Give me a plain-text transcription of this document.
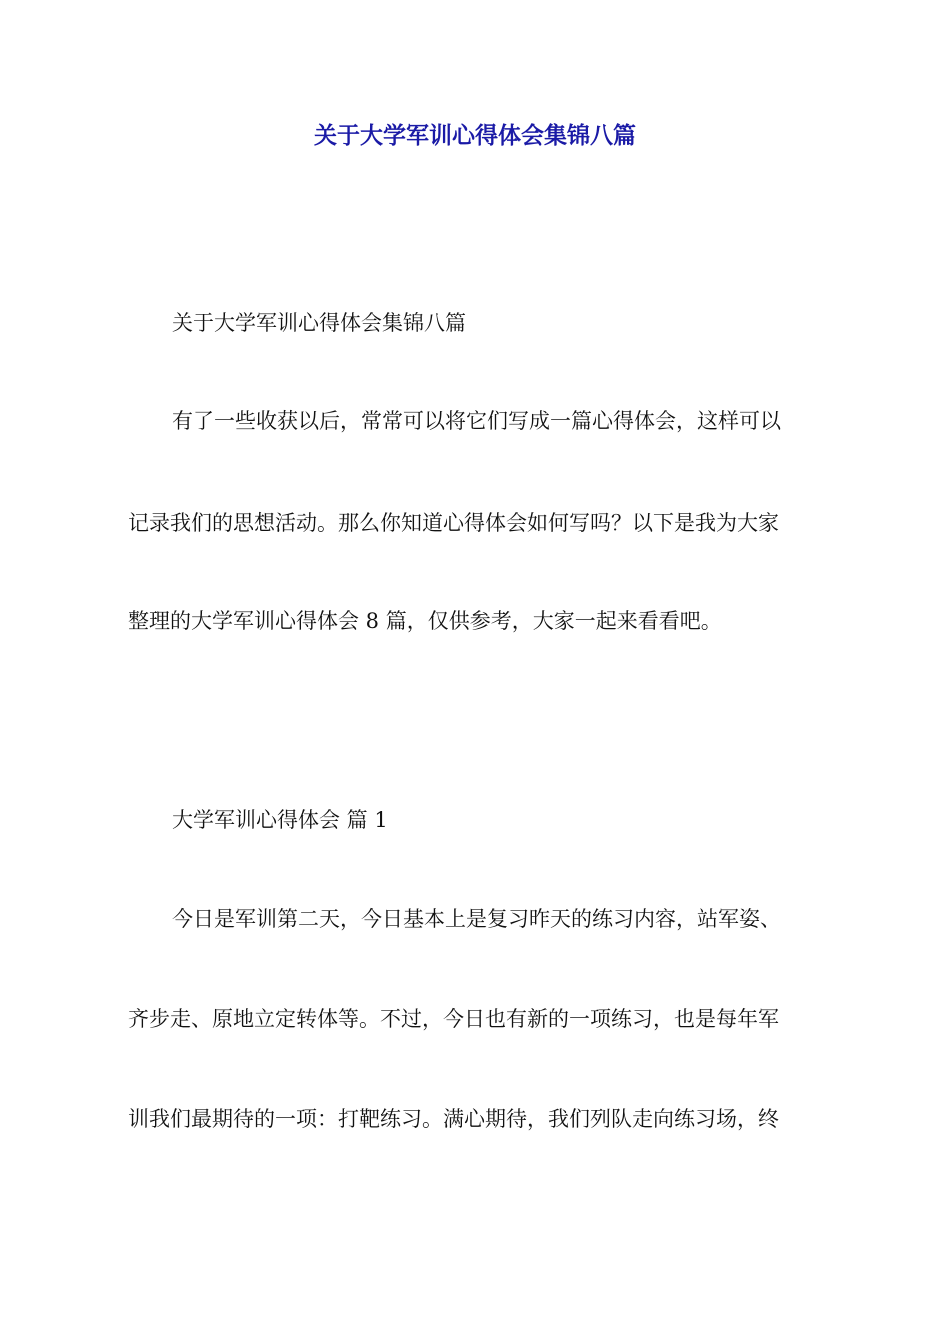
关于大学军训心得体会集锦八篇

关于大学军训心得体会集锦八篇

有了一些收获以后，常常可以将它们写成一篇心得体会，这样可以

记录我们的思想活动。那么你知道心得体会如何写吗？以下是我为大家

整理的大学军训心得体会 8 篇，仅供参考，大家一起来看看吧。

大学军训心得体会 篇 1

今日是军训第二天，今日基本上是复习昨天的练习内容，站军姿、

齐步走、原地立定转体等。不过，今日也有新的一项练习，也是每年军

训我们最期待的一项：打靶练习。满心期待，我们列队走向练习场，终
